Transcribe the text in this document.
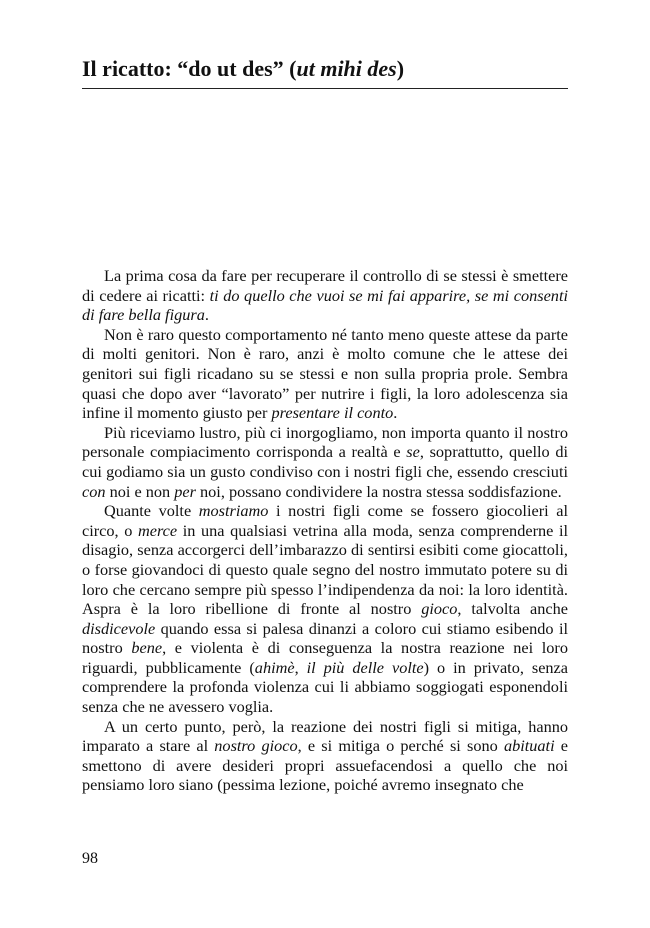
Il ricatto: “do ut des” (ut mihi des)

La prima cosa da fare per recuperare il controllo di se stessi è smettere di cedere ai ricatti: ti do quello che vuoi se mi fai apparire, se mi consenti di fare bella figura.

Non è raro questo comportamento né tanto meno queste attese da parte di molti genitori. Non è raro, anzi è molto comune che le attese dei genitori sui figli ricadano su se stessi e non sulla propria prole. Sembra quasi che dopo aver “lavorato” per nutrire i figli, la loro adolescenza sia infine il momento giusto per presentare il conto.

Più riceviamo lustro, più ci inorgogliamo, non importa quanto il nostro personale compiacimento corrisponda a realtà e se, soprattutto, quello di cui godiamo sia un gusto condiviso con i nostri figli che, essendo cresciuti con noi e non per noi, possano condividere la nostra stessa soddisfazione.

Quante volte mostriamo i nostri figli come se fossero giocolieri al circo, o merce in una qualsiasi vetrina alla moda, senza comprenderne il disagio, senza accorgerci dell’imbarazzo di sentirsi esibiti come giocattoli, o forse giovandoci di questo quale segno del nostro immutato potere su di loro che cercano sempre più spesso l’indipendenza da noi: la loro identità. Aspra è la loro ribellione di fronte al nostro gioco, talvolta anche disdicevole quando essa si palesa dinanzi a coloro cui stiamo esibendo il nostro bene, e violenta è di conseguenza la nostra reazione nei loro riguardi, pubblicamente (ahimè, il più delle volte) o in privato, senza comprendere la profonda violenza cui li abbiamo soggiogati esponendoli senza che ne avessero voglia.

A un certo punto, però, la reazione dei nostri figli si mitiga, hanno imparato a stare al nostro gioco, e si mitiga o perché si sono abituati e smettono di avere desideri propri assuefacendosi a quello che noi pensiamo loro siano (pessima lezione, poiché avremo insegnato che

98
